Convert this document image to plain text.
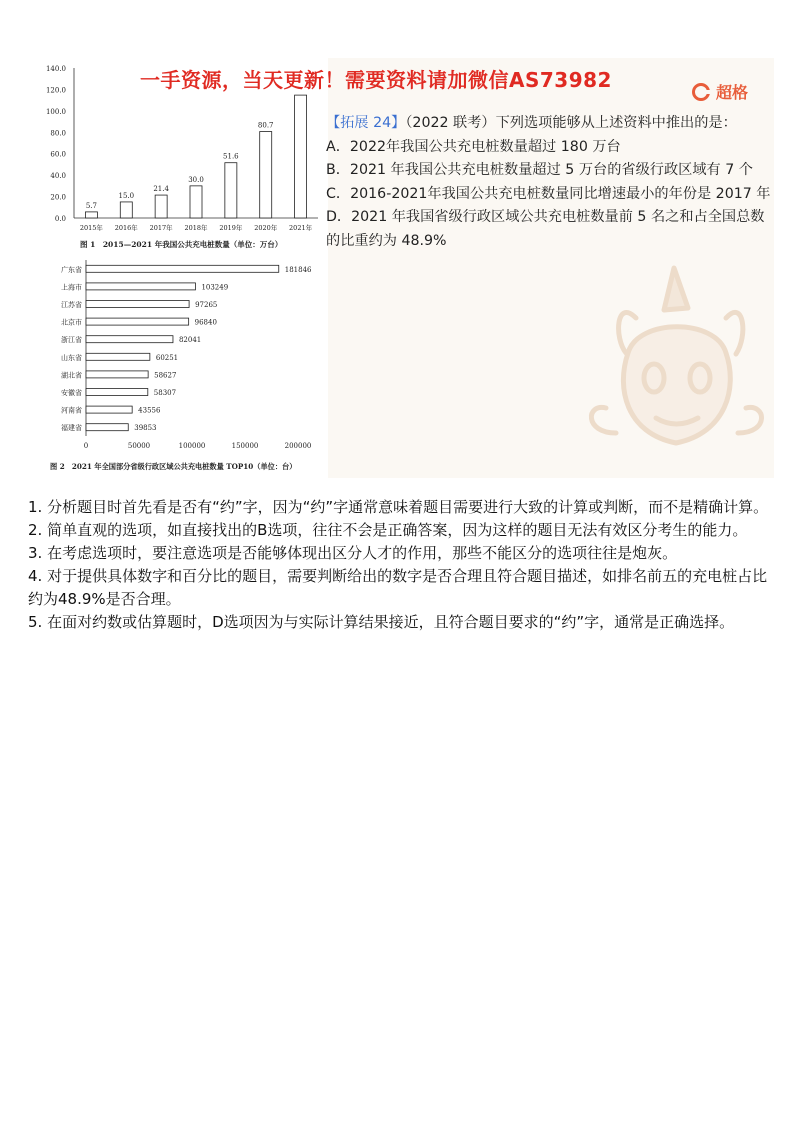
0.0
20.0
40.0
60.0
80.0
100.0
120.0
140.0
5.7
2015年
15.0
2016年
21.4
2017年
30.0
2018年
51.6
2019年
80.7
2020年 2021年
图 1　2015—2021 年我国公共充电桩数量（单位：万台）
广东省	181846
上海市	103249
江苏省	97265
北京市	96840
浙江省	82041
山东省	60251
湖北省	58627
安徽省	58307
河南省	43556
福建省	39853
0	50000	100000	150000	200000
图 2　2021 年全国部分省级行政区域公共充电桩数量 TOP10（单位：台）
一手资源，当天更新！需要资料请加微信AS73982
超格
【拓展 24】（2022 联考）下列选项能够从上述资料中推出的是：
A．2022年我国公共充电桩数量超过 180 万台
B．2021 年我国公共充电桩数量超过 5 万台的省级行政区域有 7 个
C．2016-2021年我国公共充电桩数量同比增速最小的年份是 2017 年
D．2021 年我国省级行政区域公共充电桩数量前 5 名之和占全国总数
的比重约为 48.9%

1. 分析题目时首先看是否有“约”字，因为“约”字通常意味着题目需要进行大致的计算或判断，而不是精确计算。

2. 简单直观的选项，如直接找出的B选项，往往不会是正确答案，因为这样的题目无法有效区分考生的能力。

3. 在考虑选项时，要注意选项是否能够体现出区分人才的作用，那些不能区分的选项往往是炮灰。

4. 对于提供具体数字和百分比的题目，需要判断给出的数字是否合理且符合题目描述，如排名前五的充电桩占比约为48.9%是否合理。

5. 在面对约数或估算题时，D选项因为与实际计算结果接近，且符合题目要求的“约”字，通常是正确选择。
